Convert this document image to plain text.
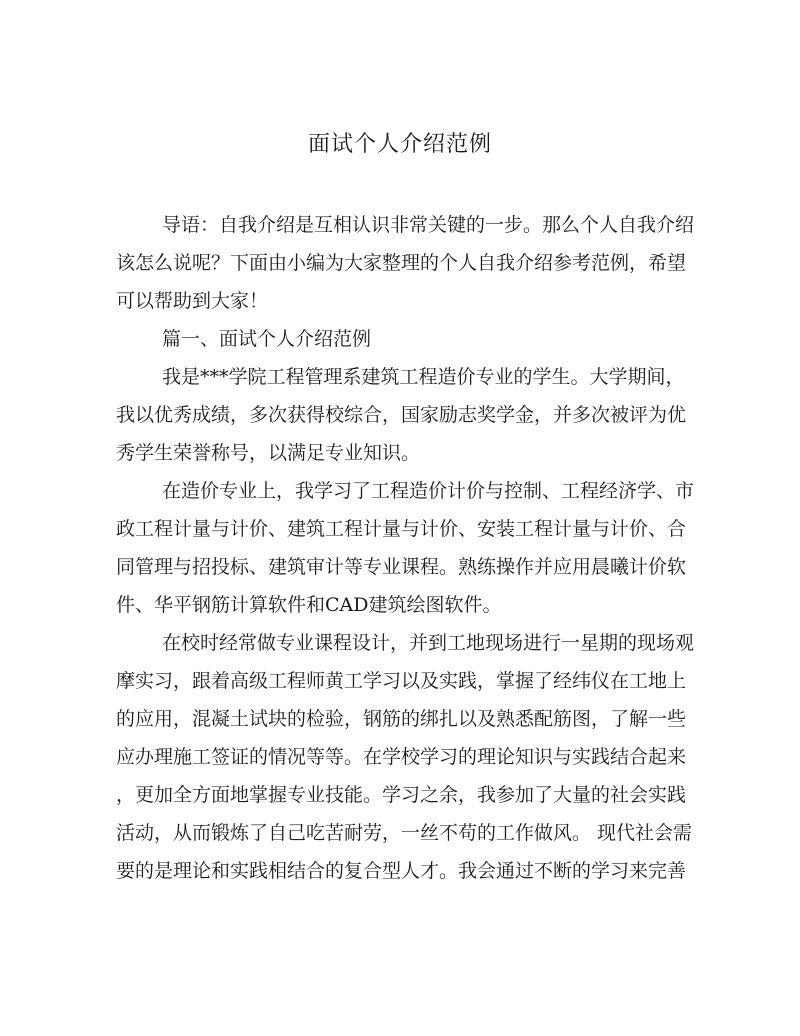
面试个人介绍范例
导语：自我介绍是互相认识非常关键的一步。那么个人自我介绍
该怎么说呢？下面由小编为大家整理的个人自我介绍参考范例，希望
可以帮助到大家！
篇一、面试个人介绍范例
我是***学院工程管理系建筑工程造价专业的学生。大学期间，
我以优秀成绩，多次获得校综合，国家励志奖学金，并多次被评为优
秀学生荣誉称号，以满足专业知识。
在造价专业上，我学习了工程造价计价与控制、工程经济学、市
政工程计量与计价、建筑工程计量与计价、安装工程计量与计价、合
同管理与招投标、建筑审计等专业课程。熟练操作并应用晨曦计价软
件、华平钢筋计算软件和CAD建筑绘图软件。
在校时经常做专业课程设计，并到工地现场进行一星期的现场观
摩实习，跟着高级工程师黄工学习以及实践，掌握了经纬仪在工地上
的应用，混凝土试块的检验，钢筋的绑扎以及熟悉配筋图，了解一些
应办理施工签证的情况等等。在学校学习的理论知识与实践结合起来
，更加全方面地掌握专业技能。学习之余，我参加了大量的社会实践
活动，从而锻炼了自己吃苦耐劳，一丝不苟的工作做风。 现代社会需
要的是理论和实践相结合的复合型人才。我会通过不断的学习来完善
